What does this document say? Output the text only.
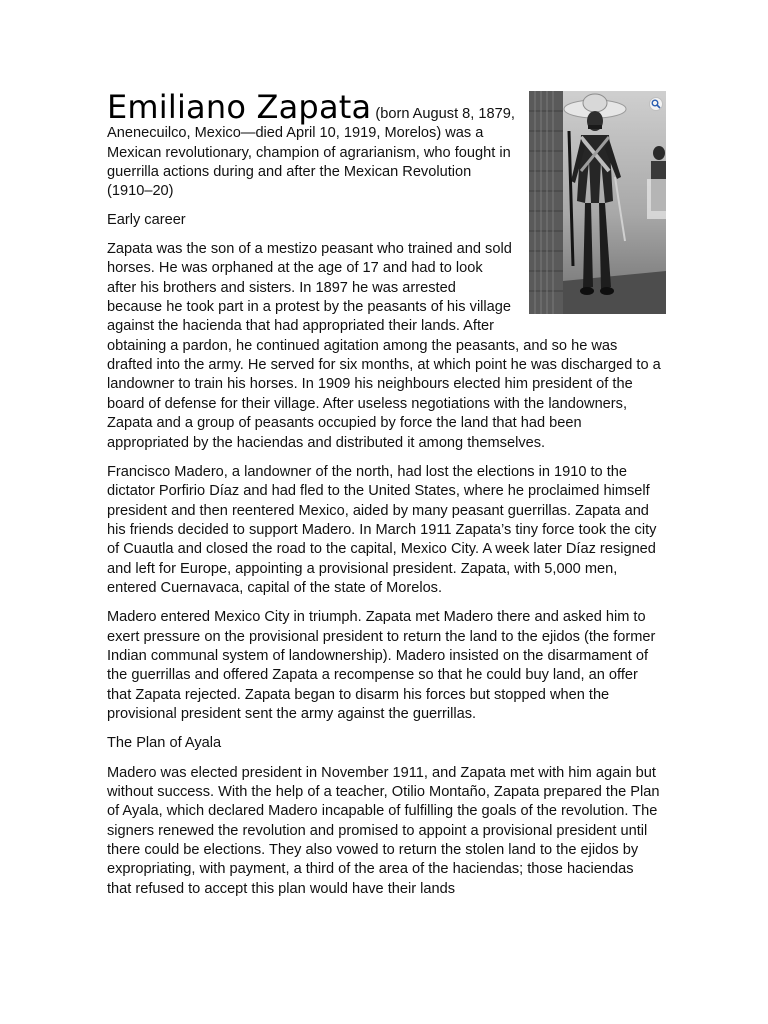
Emiliano Zapata (born August 8, 1879, Anenecuilco, Mexico—died April 10, 1919, Morelos) was a Mexican revolutionary, champion of agrarianism, who fought in guerrilla actions during and after the Mexican Revolution (1910–20)

Early career

Zapata was the son of a mestizo peasant who trained and sold horses. He was orphaned at the age of 17 and had to look after his brothers and sisters. In 1897 he was arrested because he took part in a protest by the peasants of his village against the hacienda that had appropriated their lands. After obtaining a pardon, he continued agitation among the peasants, and so he was drafted into the army. He served for six months, at which point he was discharged to a landowner to train his horses. In 1909 his neighbours elected him president of the board of defense for their village. After useless negotiations with the landowners, Zapata and a group of peasants occupied by force the land that had been appropriated by the haciendas and distributed it among themselves.

Francisco Madero, a landowner of the north, had lost the elections in 1910 to the dictator Porfirio Díaz and had fled to the United States, where he proclaimed himself president and then reentered Mexico, aided by many peasant guerrillas. Zapata and his friends decided to support Madero. In March 1911 Zapata’s tiny force took the city of Cuautla and closed the road to the capital, Mexico City. A week later Díaz resigned and left for Europe, appointing a provisional president. Zapata, with 5,000 men, entered Cuernavaca, capital of the state of Morelos.

Madero entered Mexico City in triumph. Zapata met Madero there and asked him to exert pressure on the provisional president to return the land to the ejidos (the former Indian communal system of landownership). Madero insisted on the disarmament of the guerrillas and offered Zapata a recompense so that he could buy land, an offer that Zapata rejected. Zapata began to disarm his forces but stopped when the provisional president sent the army against the guerrillas.

The Plan of Ayala

Madero was elected president in November 1911, and Zapata met with him again but without success. With the help of a teacher, Otilio Montaño, Zapata prepared the Plan of Ayala, which declared Madero incapable of fulfilling the goals of the revolution. The signers renewed the revolution and promised to appoint a provisional president until there could be elections. They also vowed to return the stolen land to the ejidos by expropriating, with payment, a third of the area of the haciendas; those haciendas that refused to accept this plan would have their lands
